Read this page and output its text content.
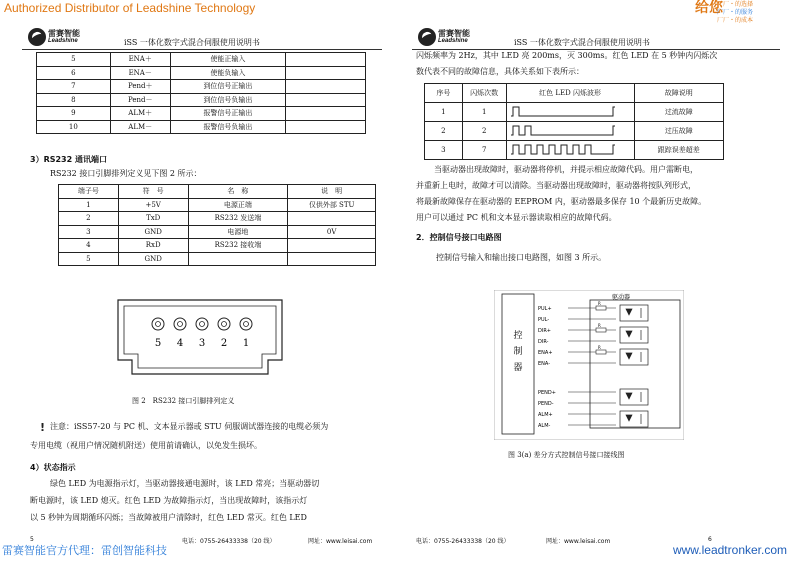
Authorized Distributor of Leadshine Technology	给您
厂厂・的选择
厂厂・的服务
厂厂・的成本
雷赛智能
Leadshine	iSS 一体化数字式混合伺服使用说明书
5	ENA＋	使能正输入	
6	ENA－	使能负输入	
7	Pend＋	到位信号正输出	
8	Pend－	到位信号负输出	
9	ALM＋	报警信号正输出	
10	ALM－	报警信号负输出	
3）RS232 通讯端口
RS232 接口引脚排列定义见下图 2 所示：
端子号	符　号	名　称	说　明
1	+5V	电源正端	仅供外部 STU
2	TxD	RS232 发送端	
3	GND	电源地	0V
4	RxD	RS232 接收端	
5	GND		
5 4 3 2 1
图 2　RS232 接口引脚排列定义
! 注意：iSS57-20 与 PC 机、文本显示器或 STU 伺服调试器连接的电缆必须为
专用电缆（视用户情况随机附送）使用前请确认，以免发生损坏。
4）状态指示
绿色 LED 为电源指示灯，当驱动器接通电源时，该 LED 常亮；当驱动器切
断电源时，该 LED 熄灭。红色 LED 为故障指示灯，当出现故障时，该指示灯
以 5 秒钟为周期循环闪烁；当故障被用户清除时，红色 LED 常灭。红色 LED
5	电话：0755-26433338（20 线）	网址：www.leisai.com
雷赛智能
Leadshine	iSS 一体化数字式混合伺服使用说明书
闪烁频率为 2Hz，其中 LED 亮 200ms，灭 300ms。红色 LED 在 5 秒钟内闪烁次
数代表不同的故障信息，具体关系如下表所示：
序号	闪烁次数	红色 LED 闪烁波形	故障说明
1	1		过流故障
2	2		过压故障
3	7		跟踪误差超差
当驱动器出现故障时，驱动器将停机，并提示相应故障代码。用户需断电，
并重新上电时，故障才可以清除。当驱动器出现故障时，驱动器将按队列形式，
将最新故障保存在驱动器的 EEPROM 内，驱动器最多保存 10 个最新历史故障。
用户可以通过 PC 机和文本显示器读取相应的故障代码。
2．控制信号接口电路图
控制信号输入和输出接口电路图，如图 3 所示。
控
制
器
驱动器
PUL+
R
PUL-
DIR+
R
DIR-
ENA+
R
ENA-
PEND+
PEND-
ALM+
ALM-
图 3(a) 差分方式控制信号接口接线图
电话：0755-26433338（20 线）	网址：www.leisai.com	6
雷赛智能官方代理：雷创智能科技	www.leadtronker.com
